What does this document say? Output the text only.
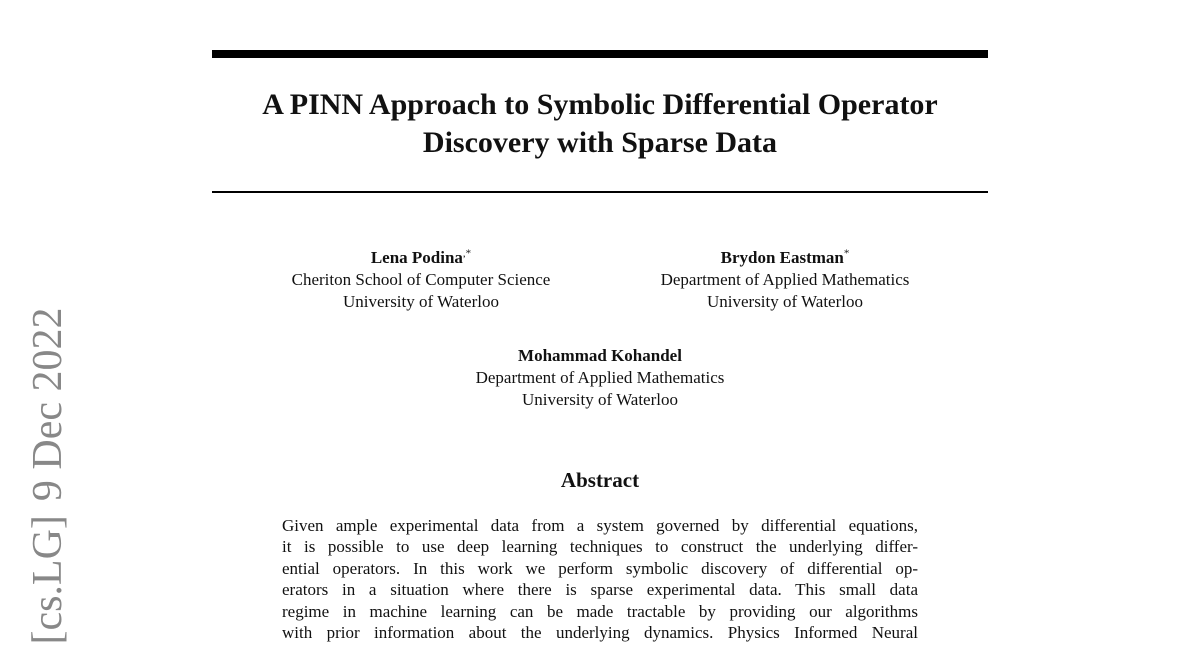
A PINN Approach to Symbolic Differential Operator
Discovery with Sparse Data
Lena Podina,*
Cheriton School of Computer Science
University of Waterloo
Brydon Eastman*
Department of Applied Mathematics
University of Waterloo
Mohammad Kohandel
Department of Applied Mathematics
University of Waterloo
Abstract
Given ample experimental data from a system governed by differential equations,
it is possible to use deep learning techniques to construct the underlying differ-
ential operators. In this work we perform symbolic discovery of differential op-
erators in a situation where there is sparse experimental data. This small data
regime in machine learning can be made tractable by providing our algorithms
with prior information about the underlying dynamics. Physics Informed Neural
[cs.LG]9 Dec 2022
